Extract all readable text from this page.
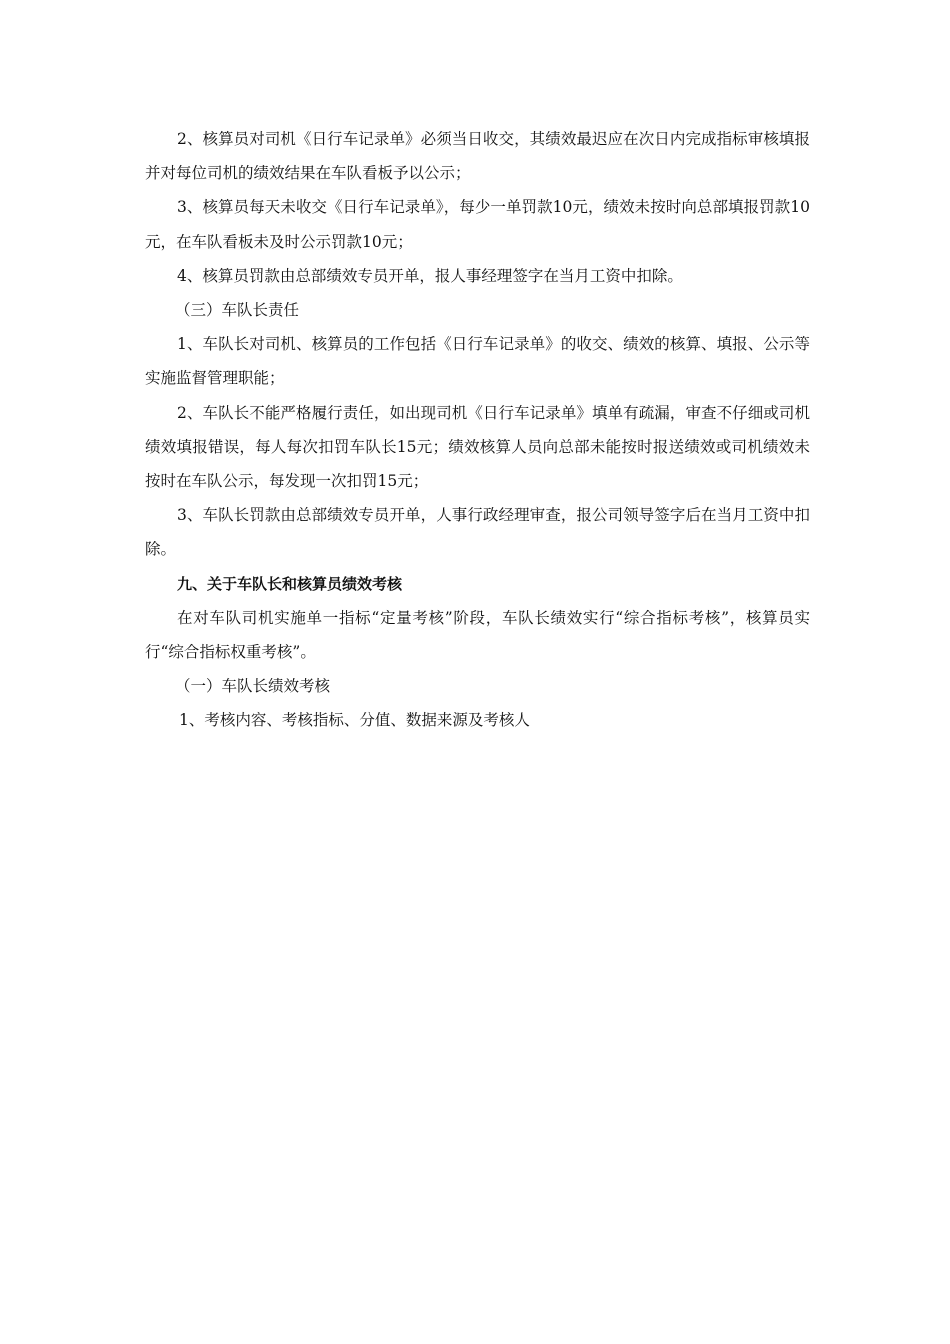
2、核算员对司机《日行车记录单》必须当日收交，其绩效最迟应在次日内完成指标审核填报并对每位司机的绩效结果在车队看板予以公示；

3、核算员每天未收交《日行车记录单》，每少一单罚款10元，绩效未按时向总部填报罚款10元，在车队看板未及时公示罚款10元；

4、核算员罚款由总部绩效专员开单，报人事经理签字在当月工资中扣除。

（三）车队长责任

1、车队长对司机、核算员的工作包括《日行车记录单》的收交、绩效的核算、填报、公示等实施监督管理职能；

2、车队长不能严格履行责任，如出现司机《日行车记录单》填单有疏漏，审查不仔细或司机绩效填报错误，每人每次扣罚车队长15元；绩效核算人员向总部未能按时报送绩效或司机绩效未按时在车队公示，每发现一次扣罚15元；

3、车队长罚款由总部绩效专员开单，人事行政经理审查，报公司领导签字后在当月工资中扣除。

九、关于车队长和核算员绩效考核

在对车队司机实施单一指标“定量考核”阶段，车队长绩效实行“综合指标考核”，核算员实行“综合指标权重考核”。

（一）车队长绩效考核

1、考核内容、考核指标、分值、数据来源及考核人
